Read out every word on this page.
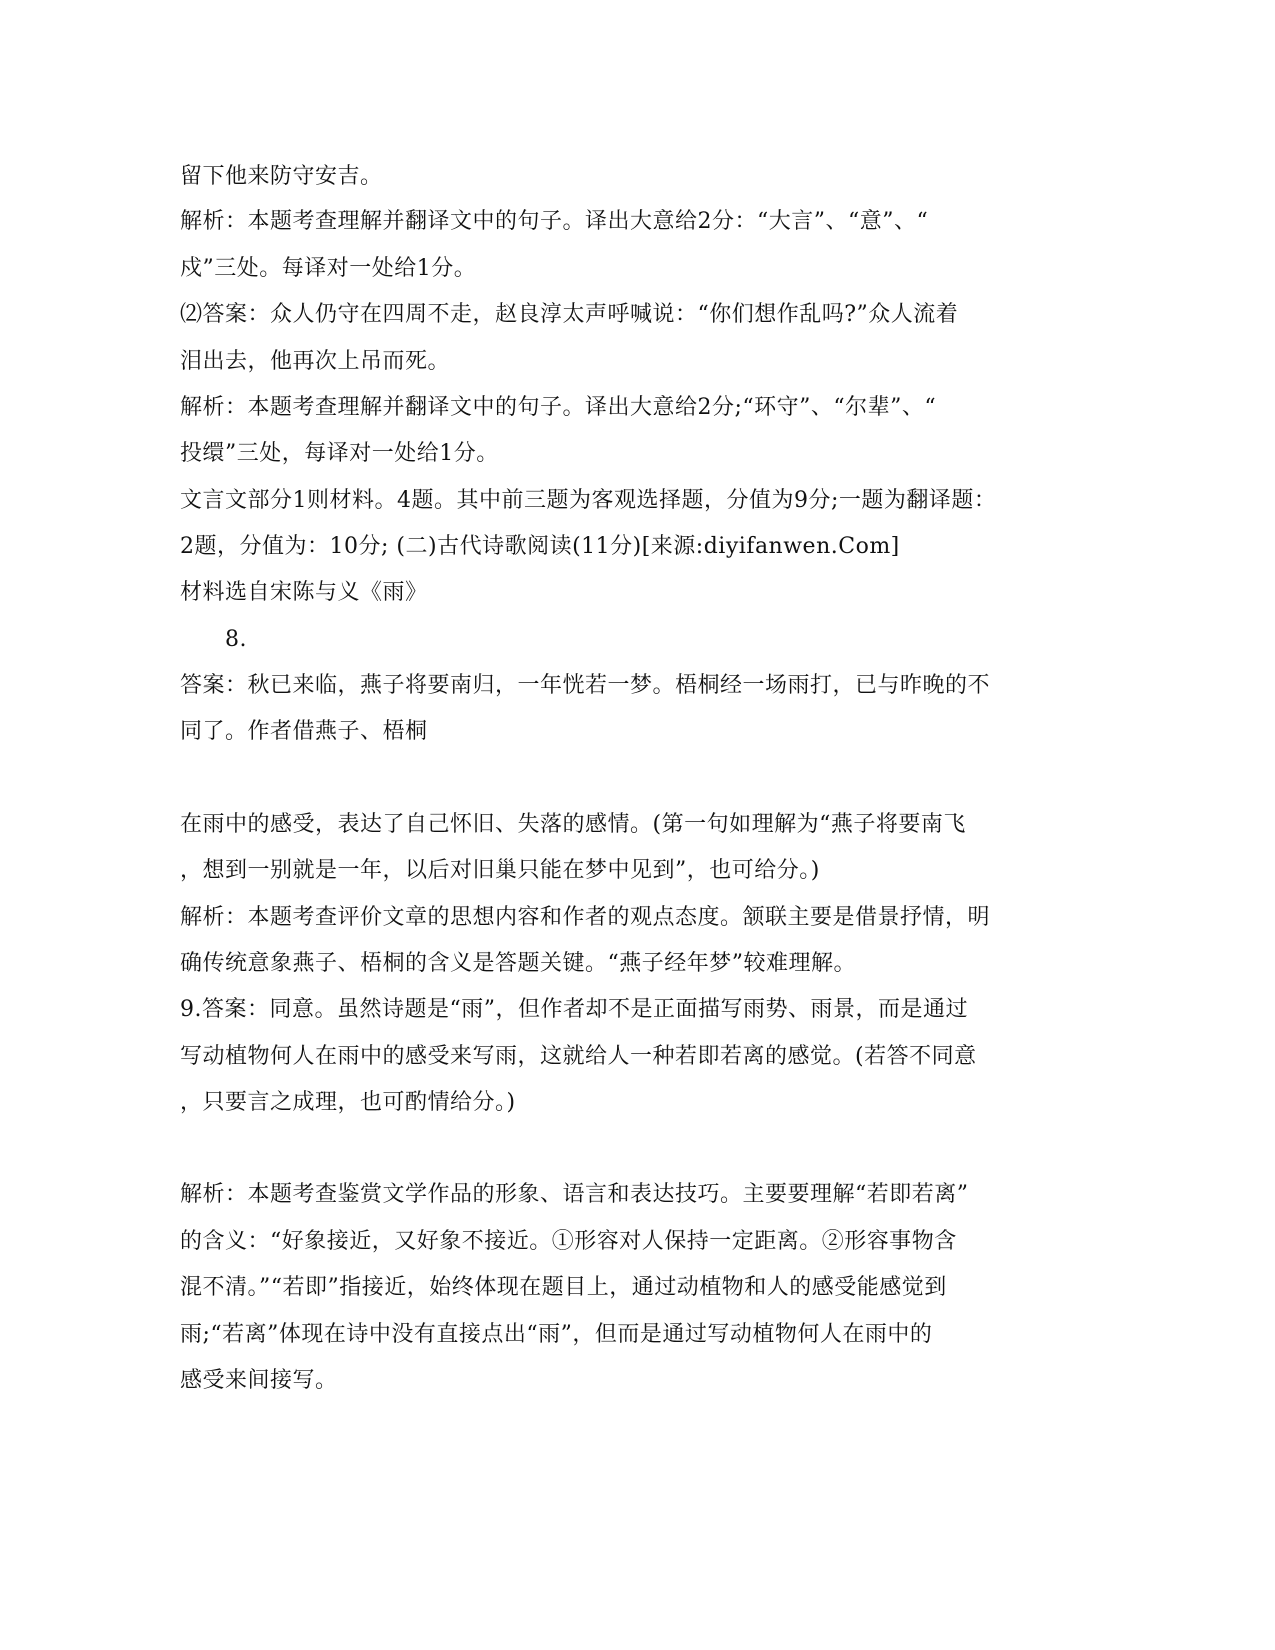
留下他来防守安吉。
解析：本题考查理解并翻译文中的句子。译出大意给2分：“大言”、“意”、“
戍”三处。每译对一处给1分。
⑵答案：众人仍守在四周不走，赵良淳太声呼喊说：“你们想作乱吗?”众人流着
泪出去，他再次上吊而死。
解析：本题考查理解并翻译文中的句子。译出大意给2分;“环守”、“尔辈”、“
投缳”三处，每译对一处给1分。
文言文部分1则材料。4题。其中前三题为客观选择题，分值为9分;一题为翻译题：
2题，分值为：10分; (二)古代诗歌阅读(11分)[来源:diyifanwen.Com]
材料选自宋陈与义《雨》
8.
答案：秋已来临，燕子将要南归，一年恍若一梦。梧桐经一场雨打，已与昨晚的不
同了。作者借燕子、梧桐
在雨中的感受，表达了自己怀旧、失落的感情。(第一句如理解为“燕子将要南飞
，想到一别就是一年，以后对旧巢只能在梦中见到”，也可给分。)
解析：本题考查评价文章的思想内容和作者的观点态度。颔联主要是借景抒情，明
确传统意象燕子、梧桐的含义是答题关键。“燕子经年梦”较难理解。
9.答案：同意。虽然诗题是“雨”，但作者却不是正面描写雨势、雨景，而是通过
写动植物何人在雨中的感受来写雨，这就给人一种若即若离的感觉。(若答不同意
，只要言之成理，也可酌情给分。)
解析：本题考查鉴赏文学作品的形象、语言和表达技巧。主要要理解“若即若离”
的含义：“好象接近，又好象不接近。①形容对人保持一定距离。②形容事物含
混不清。”“若即”指接近，始终体现在题目上，通过动植物和人的感受能感觉到
雨;“若离”体现在诗中没有直接点出“雨”，但而是通过写动植物何人在雨中的
感受来间接写。
